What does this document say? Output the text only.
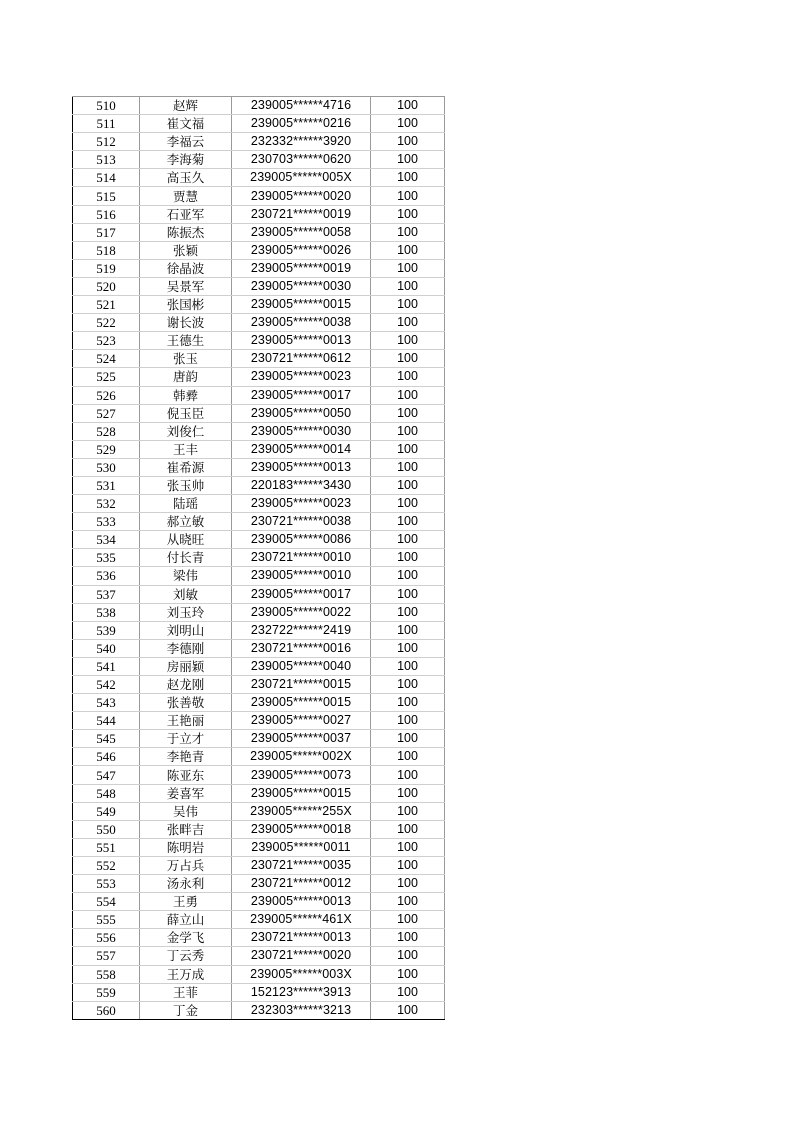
510	赵辉	239005******4716	100
511	崔文福	239005******0216	100
512	李福云	232332******3920	100
513	李海菊	230703******0620	100
514	高玉久	239005******005X	100
515	贾慧	239005******0020	100
516	石亚军	230721******0019	100
517	陈振杰	239005******0058	100
518	张颖	239005******0026	100
519	徐晶波	239005******0019	100
520	吴景军	239005******0030	100
521	张国彬	239005******0015	100
522	谢长波	239005******0038	100
523	王德生	239005******0013	100
524	张玉	230721******0612	100
525	唐韵	239005******0023	100
526	韩彛	239005******0017	100
527	倪玉臣	239005******0050	100
528	刘俊仁	239005******0030	100
529	王丰	239005******0014	100
530	崔希源	239005******0013	100
531	张玉帅	220183******3430	100
532	陆瑶	239005******0023	100
533	郝立敏	230721******0038	100
534	从晓旺	239005******0086	100
535	付长青	230721******0010	100
536	梁伟	239005******0010	100
537	刘敏	239005******0017	100
538	刘玉玲	239005******0022	100
539	刘明山	232722******2419	100
540	李德刚	230721******0016	100
541	房丽颖	239005******0040	100
542	赵龙刚	230721******0015	100
543	张善敬	239005******0015	100
544	王艳丽	239005******0027	100
545	于立才	239005******0037	100
546	李艳青	239005******002X	100
547	陈亚东	239005******0073	100
548	姜喜军	239005******0015	100
549	吴伟	239005******255X	100
550	张畔吉	239005******0018	100
551	陈明岩	239005******0011	100
552	万占兵	230721******0035	100
553	汤永利	230721******0012	100
554	王勇	239005******0013	100
555	薛立山	239005******461X	100
556	金学飞	230721******0013	100
557	丁云秀	230721******0020	100
558	王万成	239005******003X	100
559	王菲	152123******3913	100
560	丁金	232303******3213	100
